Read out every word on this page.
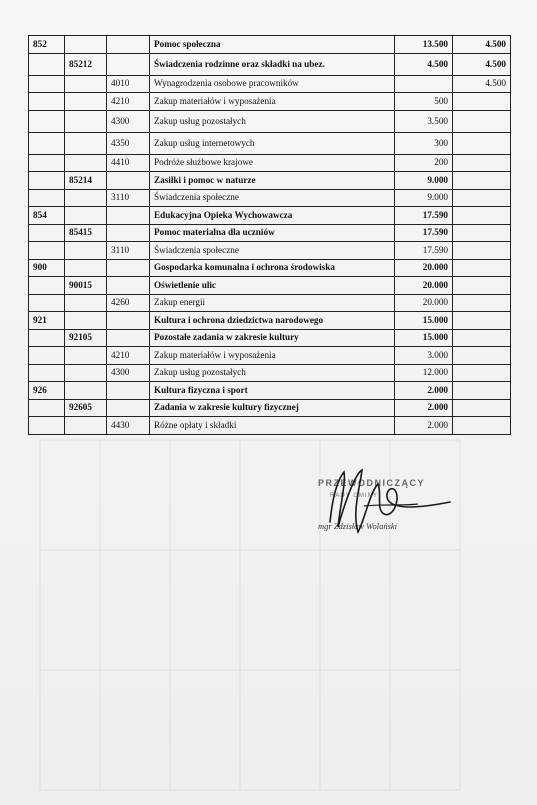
852			Pomoc społeczna	13.500	4.500
	85212		Świadczenia rodzinne oraz składki na ubez.	4.500	4.500
		4010	Wynagrodzenia osobowe pracowników		4.500
		4210	Zakup materiałów i wyposażenia	500	
		4300	Zakup usług pozostałych	3.500	
		4350	Zakup usług internetowych	300	
		4410	Podróże służbowe krajowe	200	
	85214		Zasiłki i pomoc w naturze	9.000	
		3110	Świadczenia społeczne	9.000	
854			Edukacyjna Opieka Wychowawcza	17.590	
	85415		Pomoc materialna dla uczniów	17.590	
		3110	Świadczenia społeczne	17.590	
900			Gospodarka komunalna i ochrona środowiska	20.000	
	90015		Oświetlenie ulic	20.000	
		4260	Zakup energii	20.000	
921			Kultura i ochrona dziedzictwa narodowego	15.000	
	92105		Pozostałe zadania w zakresie kultury	15.000	
		4210	Zakup materiałów i wyposażenia	3.000	
		4300	Zakup usług pozostałych	12.000	
926			Kultura fizyczna i sport	2.000	
	92605		Zadania w zakresie kultury fizycznej	2.000	
		4430	Różne opłaty i składki	2.000	
PRZEWODNICZĄCY
RADY GMINY
mgr Zdzisław Wolański
